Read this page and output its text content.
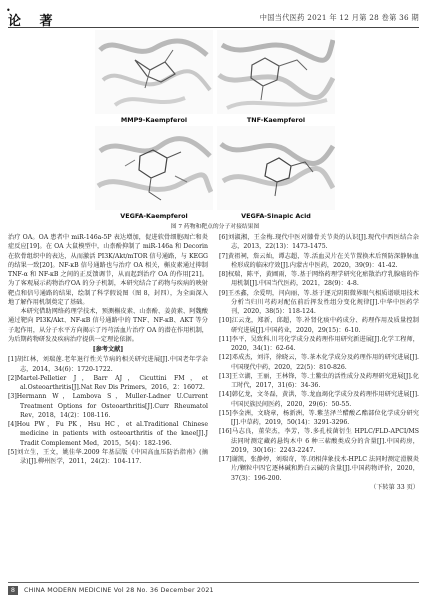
•
论 著	中国当代医药 2021 年 12 月第 28 卷第 36 期
MMP9-Kaempferol	TNF-Kaempferol
VEGFA-Kaempferol	VEGFA-Sinapic Acid
图 7 药物和靶点的分子对接结果图

治疗 OA。OA 患者中 miR-146a-5P 表达增加，促进软骨细胞凋亡和炎症反应[19]。在 OA 大鼠模型中，山柰酚抑制了 miR-146a 和 Decorin 在软骨组织中的表达，从而激活 PI3K/Akt/mTOR 信号通路，与 KEGG 的结果一致[20]。NF-κB 信号通路也与治疗 OA 相关，槲皮素通过抑制 TNF-α 和 NF-κB 之间的正反馈调节，从而起到治疗 OA 的作用[21]。为了客观展示药物治疗OA 的分子机制，本研究结合了药物与疾病的映射靶点和信号通路的结果，绘制了科学假说图（图 8，封四），为全面深入地了解作用机制奠定了基础。

本研究借助网络药理学技术，预测槲皮素、山柰酚、姜黄素、阿魏酸通过靶向 PI3K/Akt、NF-κB 信号通路中的 TNF、NF-κB、AKT 等分子起作用，从分子水平方向揭示了丹芎活血片治疗 OA 的潜在作用机制，为后期药物研发及疾病治疗提供一定理论依据。

[参考文献]

[1]胡红林，刘瑞莲.老年退行性关节病的相关研究进展[J].中国老年学杂志，2014，34(6)：1720-1722.

[2]Martel-Pelletier J，Barr AJ，Cicuttini FM，et al.Osteoarthritis[J].Nat Rev Dis Primers，2016，2：16072.

[3]Hermann W，Lambova S，Muller-Ladner U.Current Treatment Options for Osteoarthritis[J].Curr Rheumatol Rev，2018，14(2)：108-116.

[4]Hou PW，Fu PK，Hsu HC，et al.Traditional Chinese medicine in patients with osteoarthritis of the knee[J].J Tradit Complement Med，2015，5(4)：182-196.

[5]刘立生，王文，姚佳华.2009 年基层版《中国高血压防治指南》(摘录)[J].柳州医学，2011，24(2)：104-117.

[6]刘淑湘，王金梅.现代中医对膝骨关节炎的认识[J].现代中西医结合杂志，2013，22(13)：1473-1475.

[7]黄祖祠，詹云灿，谭志超，等.活血灵片在关节置换术后预防深静脉血栓形成的临床疗效[J].内蒙古中医药，2020，39(9)：41-42.

[8]权瑞，陈平，黄圃雨，等.基于网络药理学研究化瘀散治疗乳腺癌的作用机制[J].中国当代医药，2021，28(9)：4-8.

[9]王丞鑫，余爱明，闫向丽，等.基于逐元阴阳微界眼气相质谱联用技术分析当归川芎药对配伍前后挥发性组分变化规律[J].中华中医药学刊，2020，38(5)：118-124.

[10]江云龙，郑新，邱超，等.补肾化痰中药成分、药理作用及质量控制研究进展[J].中国药业，2020，29(15)：6-10.

[11]李平，吴致科.川芎化学成分及药理作用研究新进展[J].化学工程师，2020，34(1)：62-64.

[12]邓成杰，刘洋，徐晓云，等.茶木化学成分及药理作用的研究进展[J].中国现代中药，2020，22(5)：810-826.

[13]王立湖，王丽，王林锋，等.土鳖虫的活性成分及药理研究进展[J].化工时代，2017，31(6)：34-36.

[14]韩亿龙，文冬磊，黄洪，等.龙血竭化学成分及药理作用研究进展[J].中国民族民间医药，2020，29(6)：50-55.

[15]李金洲，文晓章，杨新洲，等.紫茎泽兰醋酸乙酯部位化学成分研究[J].中草药，2019，50(14)：3291-3296.

[16]马志良，董荣杰，李芳，等.多孔枝菌衍生 HPLC/FLD-APCI/MS 法同时测定藏药悬钩木中 6 种三萜酸类成分的含量[J].中国药房，2019，30(16)：2243-2247.

[17]谢凯，张静婷，刘瑞奇，等.闭相萍象技术-HPLC 法同时测定滑膜炎片/颗粒中四它逐林碱和黔白云碱的含量[J].中国药物评价，2020，37(3)：196-200.

（下转第 33 页）

8	CHINA MODERN MEDICINE Vol 28 No. 36 December 2021
